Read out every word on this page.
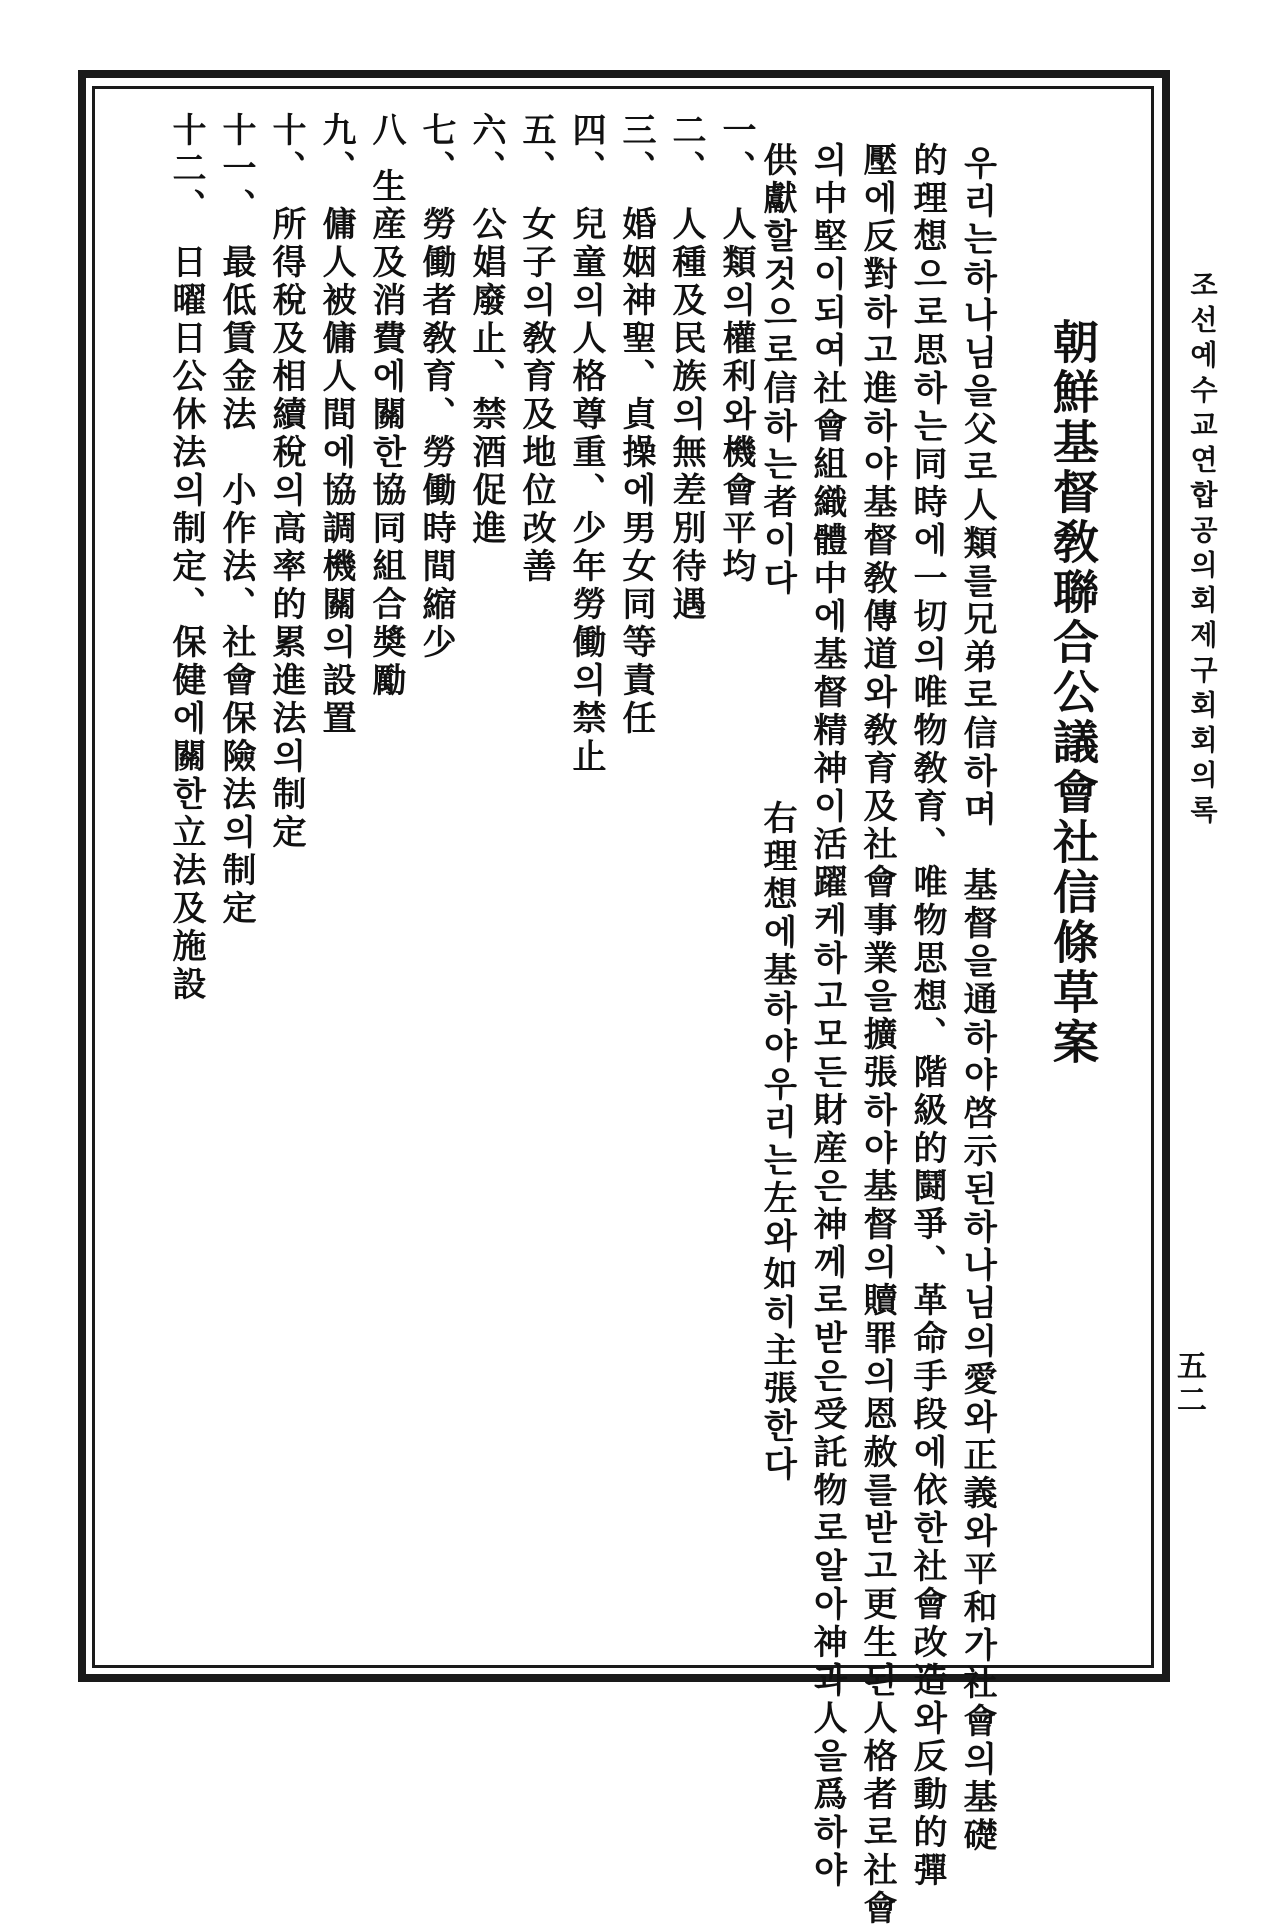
조선예수교연합공의회제구회회의록
五二
朝鮮基督敎聯合公議會社信條草案
우리는하나님을父로人類를兄弟로信하며　基督을通하야啓示된하나님의愛와正義와平和가社會의基礎
的理想으로思하는同時에一切의唯物敎育、唯物思想、階級的鬪爭、革命手段에依한社會改造와反動的彈
壓에反對하고進하야基督敎傳道와敎育及社會事業을擴張하야基督의贖罪의恩赦를받고更生된人格者로社會
의中堅이되여社會組織體中에基督精神이活躍케하고모든財産은神께로받은受託物로알아神과人을爲하야
供獻할것으로信하는者이다
右理想에基하야우리는左와如히主張한다
一、人類의權利와機會平均
二、人種及民族의無差別待遇
三、婚姻神聖、貞操에男女同等責任
四、兒童의人格尊重、少年勞働의禁止
五、女子의敎育及地位改善
六、公娼廢止、禁酒促進
七、勞働者敎育、勞働時間縮少
八生産及消費에關한協同組合奬勵
九、傭人被傭人間에協調機關의設置
十、所得稅及相續稅의高率的累進法의制定
十一、最低賃金法　小作法、社會保險法의制定
十二、日曜日公休法의制定、保健에關한立法及施設
